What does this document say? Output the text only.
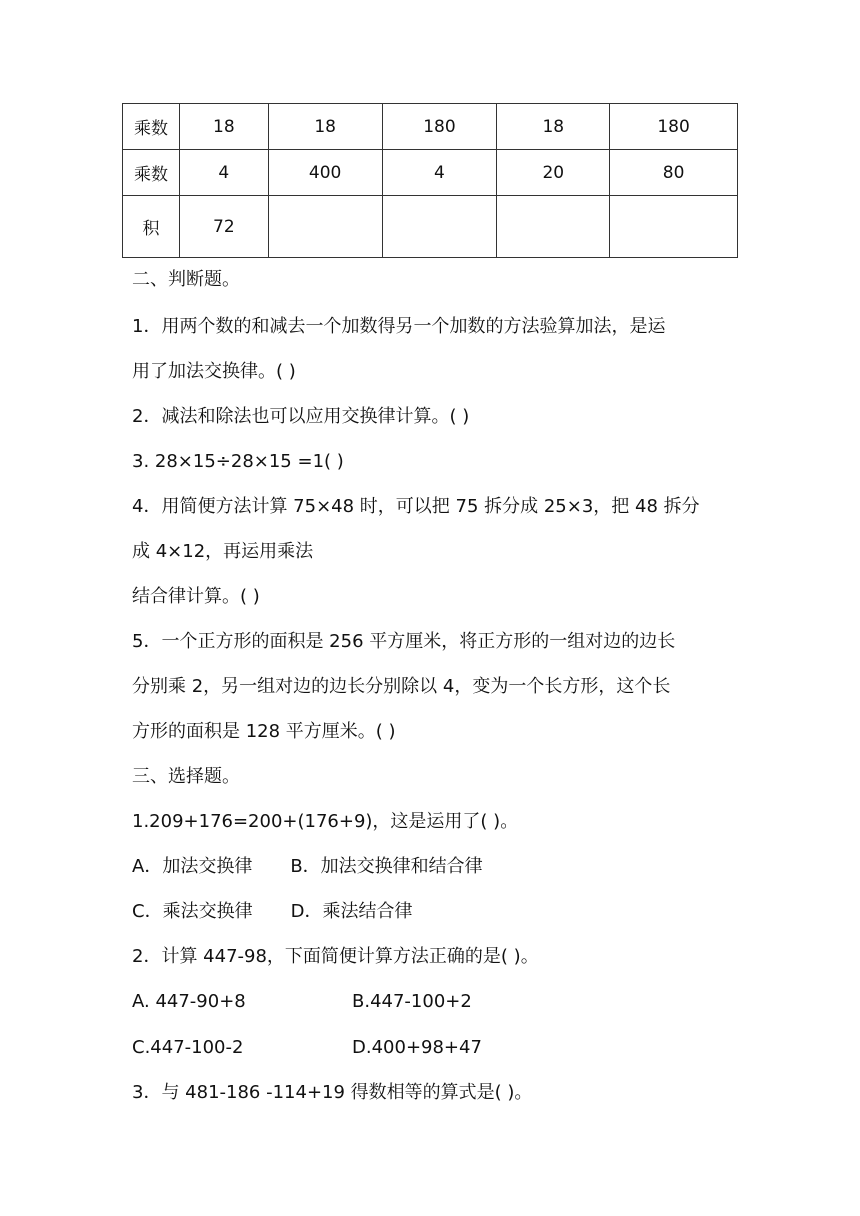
乘数	18	18	180	18	180
乘数	4	400	4	20	80
积	72				
二、判断题。
1．用两个数的和减去一个加数得另一个加数的方法验算加法，是运
用了加法交换律。( )
2．减法和除法也可以应用交换律计算。( )
3. 28×15÷28×15 =1( )
4．用简便方法计算 75×48 时，可以把 75 拆分成 25×3，把 48 拆分
成 4×12，再运用乘法
结合律计算。( )
5．一个正方形的面积是 256 平方厘米，将正方形的一组对边的边长
分别乘 2，另一组对边的边长分别除以 4，变为一个长方形，这个长
方形的面积是 128 平方厘米。( )
三、选择题。
1.209+176=200+(176+9)，这是运用了( )。
A．加法交换律 B．加法交换律和结合律
C．乘法交换律 D．乘法结合律
2．计算 447-98，下面简便计算方法正确的是( )。
A. 447-90+8	B.447-100+2
C.447-100-2	D.400+98+47
3．与 481-186 -114+19 得数相等的算式是( )。
